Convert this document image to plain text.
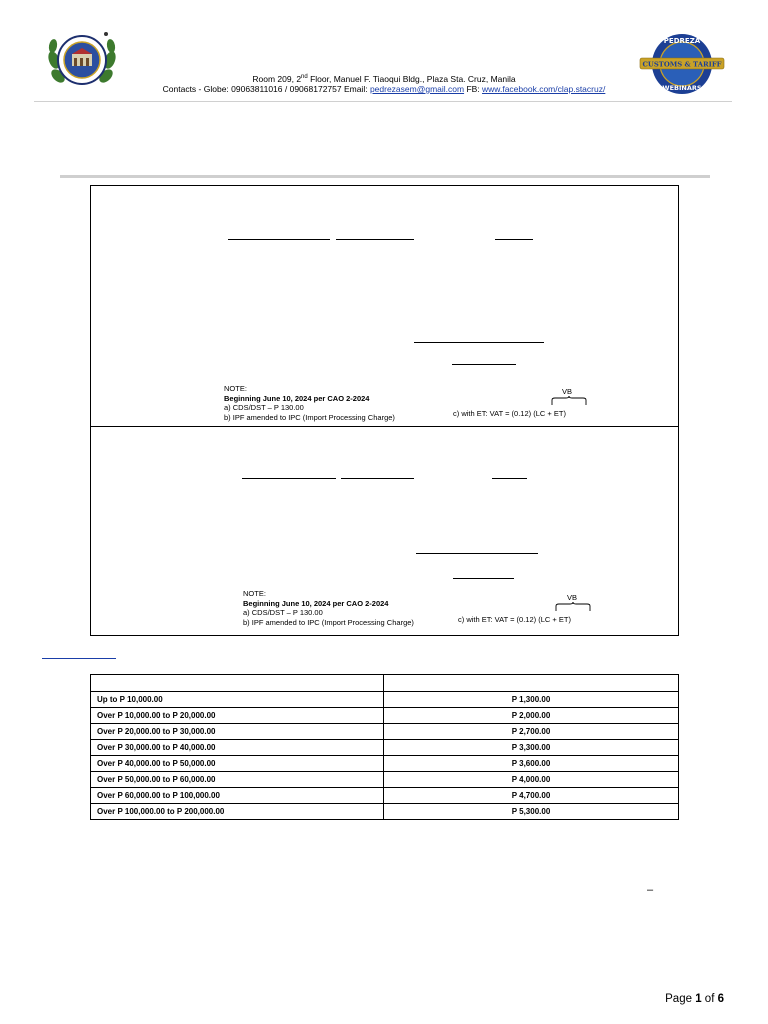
PEDREZA
CUSTOMS & TARIFF
WEBINARS
Room 209, 2nd Floor, Manuel F. Tiaoqui Bldg., Plaza Sta. Cruz, Manila
Contacts - Globe: 09063811016 / 09068172757 Email: pedrezasem@gmail.com FB: www.facebook.com/clap.stacruz/
NOTE:
Beginning June 10, 2024 per CAO 2-2024
a) CDS/DST – P 130.00
b) IPF amended to IPC (Import Processing Charge)
VB
c) with ET: VAT = (0.12) (LC + ET)
NOTE:
Beginning June 10, 2024 per CAO 2-2024
a) CDS/DST – P 130.00
b) IPF amended to IPC (Import Processing Charge)
VB
c) with ET: VAT = (0.12) (LC + ET)

Up to P 10,000.00	P 1,300.00
Over P 10,000.00 to P 20,000.00	P 2,000.00
Over P 20,000.00 to P 30,000.00	P 2,700.00
Over P 30,000.00 to P 40,000.00	P 3,300.00
Over P 40,000.00 to P 50,000.00	P 3,600.00
Over P 50,000.00 to P 60,000.00	P 4,000.00
Over P 60,000.00 to P 100,000.00	P 4,700.00
Over P 100,000.00 to P 200,000.00	P 5,300.00
–
Page 1 of 6
